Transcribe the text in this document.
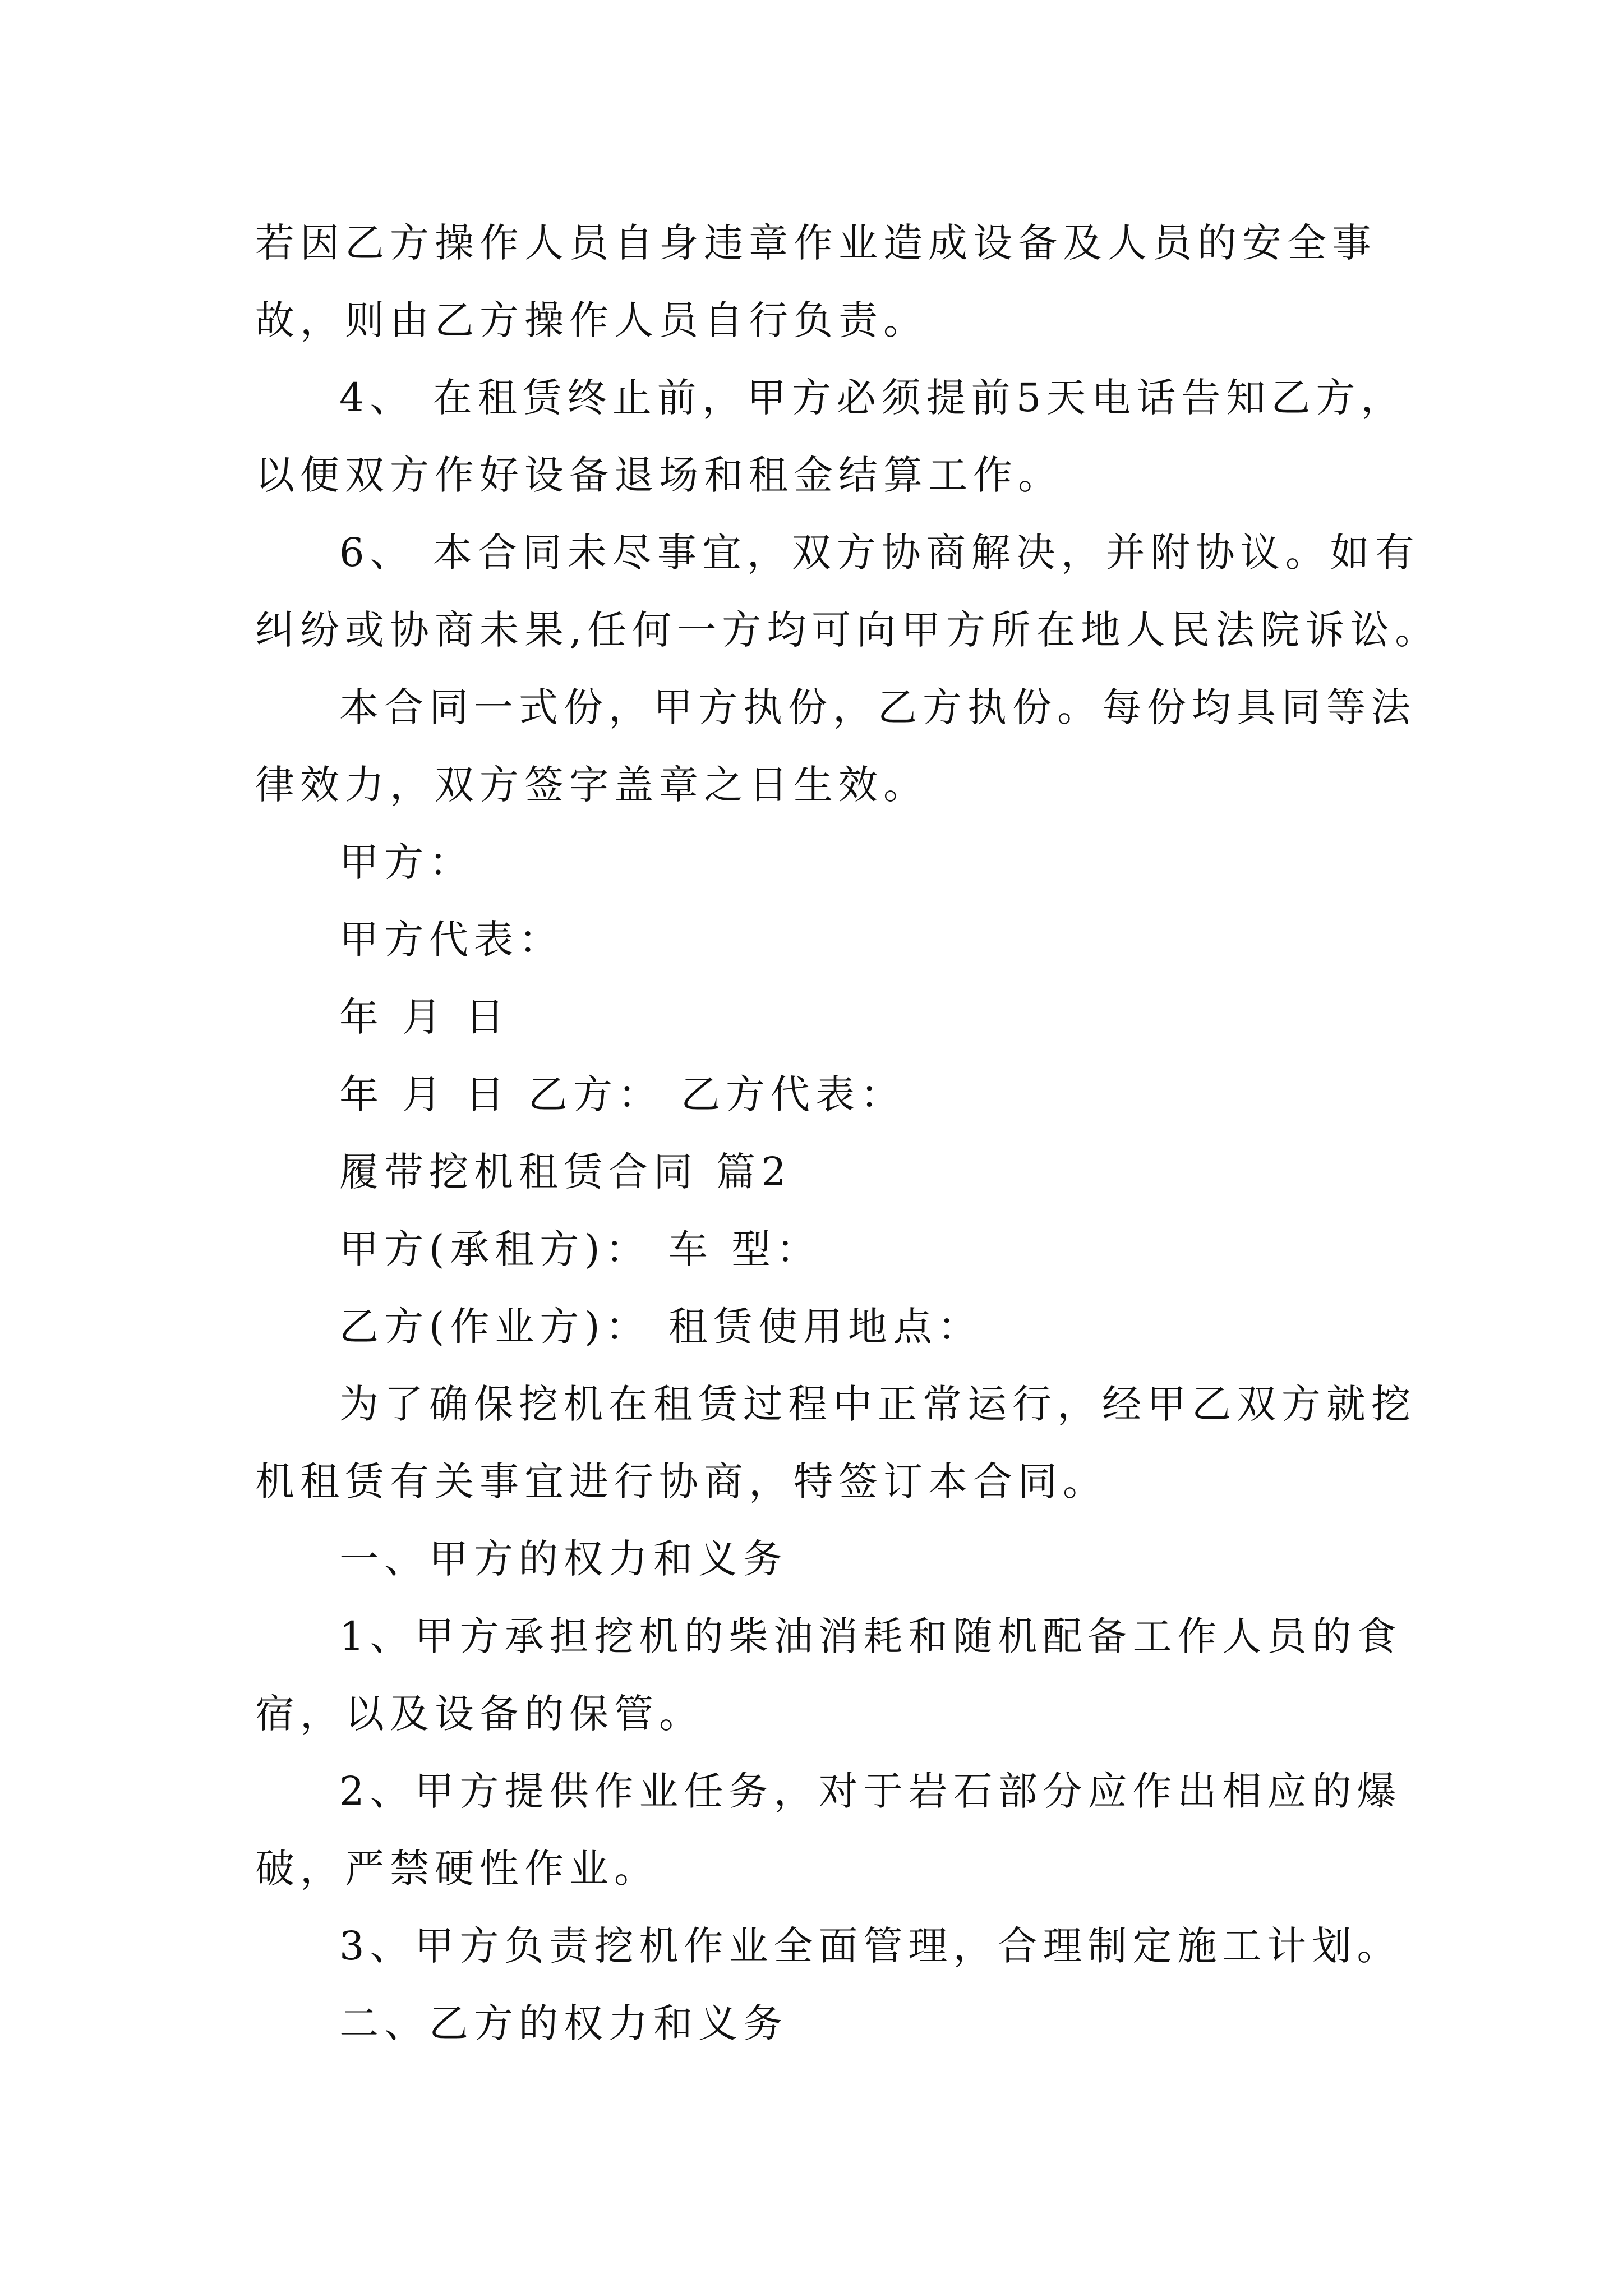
若因乙方操作人员自身违章作业造成设备及人员的安全事
故，则由乙方操作人员自行负责。
4、 在租赁终止前，甲方必须提前5天电话告知乙方，
以便双方作好设备退场和租金结算工作。
6、 本合同未尽事宜，双方协商解决，并附协议。如有
纠纷或协商未果,任何一方均可向甲方所在地人民法院诉讼。
本合同一式份，甲方执份，乙方执份。每份均具同等法
律效力，双方签字盖章之日生效。
甲方：
甲方代表：
年 月 日
年 月 日 乙方： 乙方代表：
履带挖机租赁合同 篇2
甲方(承租方)： 车 型：
乙方(作业方)： 租赁使用地点：
为了确保挖机在租赁过程中正常运行，经甲乙双方就挖
机租赁有关事宜进行协商，特签订本合同。
一、甲方的权力和义务
1、甲方承担挖机的柴油消耗和随机配备工作人员的食
宿，以及设备的保管。
2、甲方提供作业任务，对于岩石部分应作出相应的爆
破，严禁硬性作业。
3、甲方负责挖机作业全面管理，合理制定施工计划。
二、乙方的权力和义务
